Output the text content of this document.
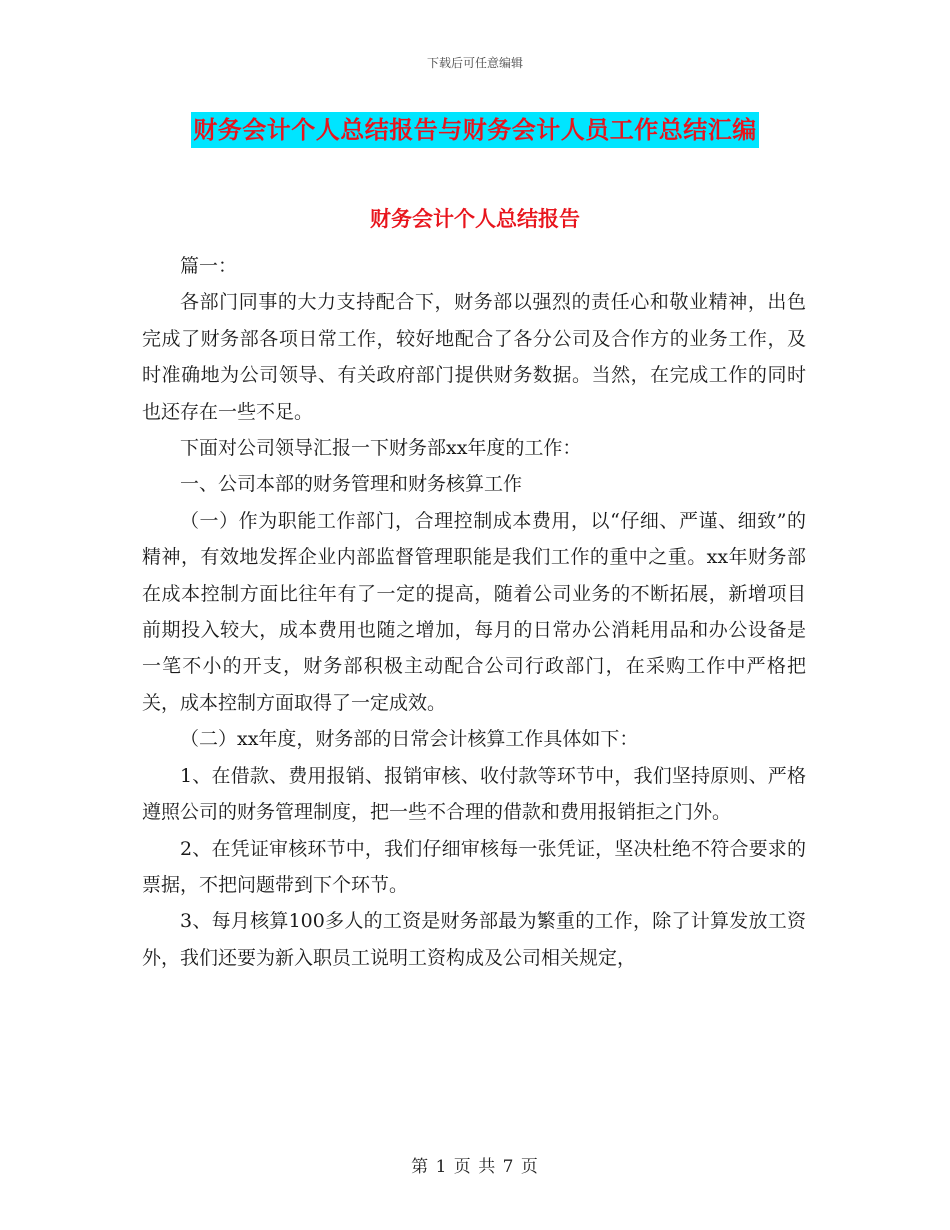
下载后可任意编辑
财务会计个人总结报告与财务会计人员工作总结汇编
财务会计个人总结报告

篇一：

各部门同事的大力支持配合下，财务部以强烈的责任心和敬业精神，出色完成了财务部各项日常工作，较好地配合了各分公司及合作方的业务工作，及时准确地为公司领导、有关政府部门提供财务数据。当然，在完成工作的同时也还存在一些不足。

下面对公司领导汇报一下财务部xx年度的工作：

一、公司本部的财务管理和财务核算工作

（一）作为职能工作部门，合理控制成本费用，以“仔细、严谨、细致”的精神，有效地发挥企业内部监督管理职能是我们工作的重中之重。xx年财务部在成本控制方面比往年有了一定的提高，随着公司业务的不断拓展，新增项目前期投入较大，成本费用也随之增加，每月的日常办公消耗用品和办公设备是一笔不小的开支，财务部积极主动配合公司行政部门，在采购工作中严格把关，成本控制方面取得了一定成效。

（二）xx年度，财务部的日常会计核算工作具体如下：

1、在借款、费用报销、报销审核、收付款等环节中，我们坚持原则、严格遵照公司的财务管理制度，把一些不合理的借款和费用报销拒之门外。

2、在凭证审核环节中，我们仔细审核每一张凭证，坚决杜绝不符合要求的票据，不把问题带到下个环节。

3、每月核算100多人的工资是财务部最为繁重的工作，除了计算发放工资外，我们还要为新入职员工说明工资构成及公司相关规定，

第 1 页 共 7 页
